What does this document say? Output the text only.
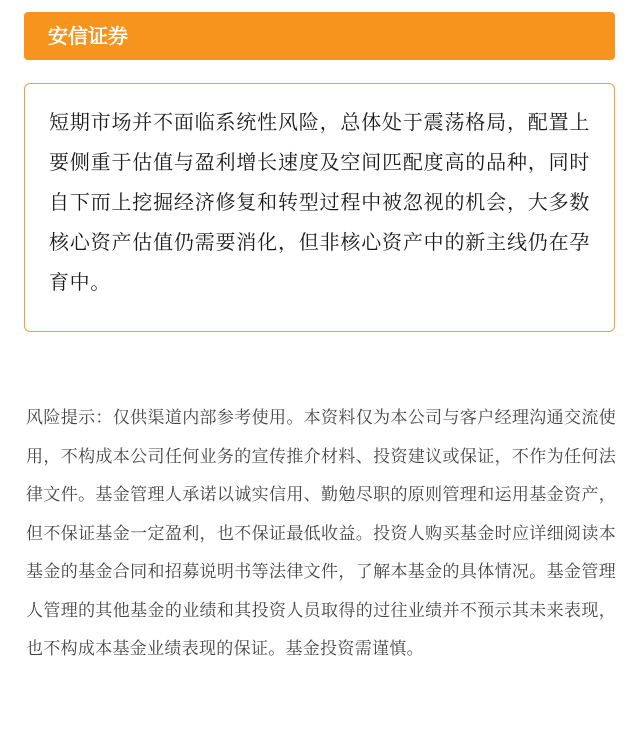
安信证券

短期市场并不面临系统性风险，总体处于震荡格局，配置上要侧重于估值与盈利增长速度及空间匹配度高的品种，同时自下而上挖掘经济修复和转型过程中被忽视的机会，大多数核心资产估值仍需要消化，但非核心资产中的新主线仍在孕育中。

风险提示：仅供渠道内部参考使用。本资料仅为本公司与客户经理沟通交流使用，不构成本公司任何业务的宣传推介材料、投资建议或保证，不作为任何法律文件。基金管理人承诺以诚实信用、勤勉尽职的原则管理和运用基金资产，但不保证基金一定盈利，也不保证最低收益。投资人购买基金时应详细阅读本基金的基金合同和招募说明书等法律文件，了解本基金的具体情况。基金管理人管理的其他基金的业绩和其投资人员取得的过往业绩并不预示其未来表现，也不构成本基金业绩表现的保证。基金投资需谨慎。
